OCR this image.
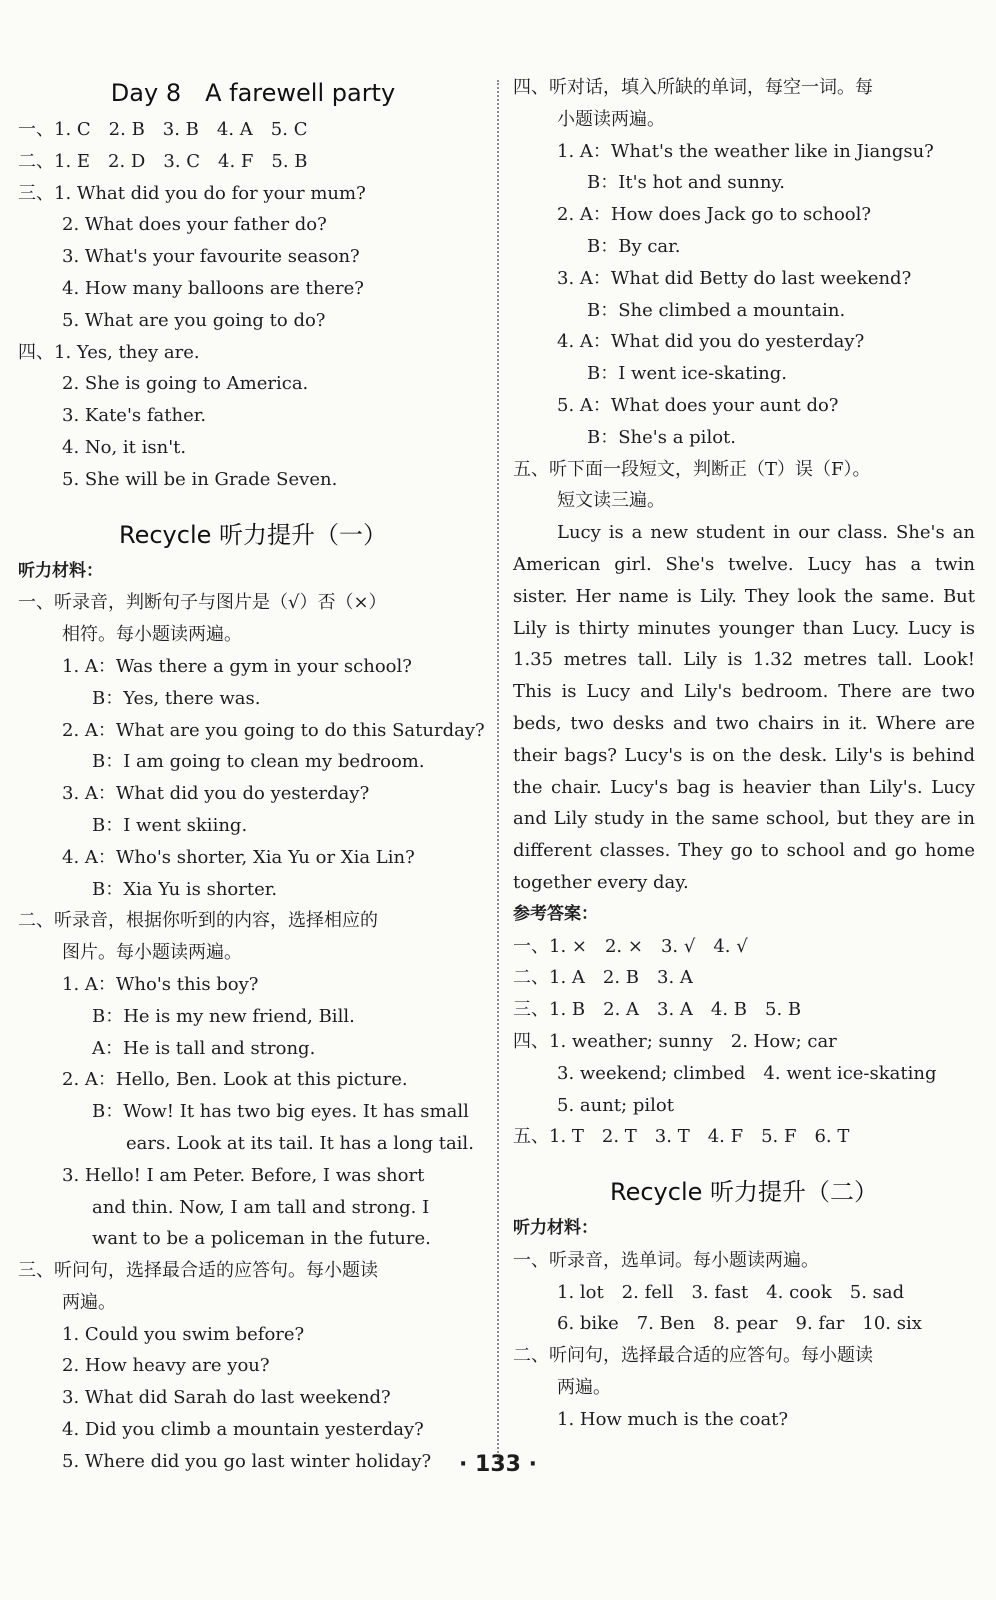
Day 8　A farewell party
一、1. C　2. B　3. B　4. A　5. C
二、1. E　2. D　3. C　4. F　5. B
三、1. What did you do for your mum?
2. What does your father do?
3. What's your favourite season?
4. How many balloons are there?
5. What are you going to do?
四、1. Yes, they are.
2. She is going to America.
3. Kate's father.
4. No, it isn't.
5. She will be in Grade Seven.
Recycle 听力提升（一）
听力材料：
一、听录音，判断句子与图片是（√）否（×）
相符。每小题读两遍。
1. A：Was there a gym in your school?
B：Yes, there was.
2. A：What are you going to do this Saturday?
B：I am going to clean my bedroom.
3. A：What did you do yesterday?
B：I went skiing.
4. A：Who's shorter, Xia Yu or Xia Lin?
B：Xia Yu is shorter.
二、听录音，根据你听到的内容，选择相应的
图片。每小题读两遍。
1. A：Who's this boy?
B：He is my new friend, Bill.
A：He is tall and strong.
2. A：Hello, Ben. Look at this picture.
B：Wow! It has two big eyes. It has small
ears. Look at its tail. It has a long tail.
3. Hello! I am Peter. Before, I was short
and thin. Now, I am tall and strong. I
want to be a policeman in the future.
三、听问句，选择最合适的应答句。每小题读
两遍。
1. Could you swim before?
2. How heavy are you?
3. What did Sarah do last weekend?
4. Did you climb a mountain yesterday?
5. Where did you go last winter holiday?
四、听对话，填入所缺的单词，每空一词。每
小题读两遍。
1. A：What's the weather like in Jiangsu?
B：It's hot and sunny.
2. A：How does Jack go to school?
B：By car.
3. A：What did Betty do last weekend?
B：She climbed a mountain.
4. A：What did you do yesterday?
B：I went ice-skating.
5. A：What does your aunt do?
B：She's a pilot.
五、听下面一段短文，判断正（T）误（F）。
短文读三遍。
Lucy is a new student in our class. She's an American girl. She's twelve. Lucy has a twin sister. Her name is Lily. They look the same. But Lily is thirty minutes younger than Lucy. Lucy is 1.35 metres tall. Lily is 1.32 metres tall. Look! This is Lucy and Lily's bedroom. There are two beds, two desks and two chairs in it. Where are their bags? Lucy's is on the desk. Lily's is behind the chair. Lucy's bag is heavier than Lily's. Lucy and Lily study in the same school, but they are in different classes. They go to school and go home together every day.
参考答案：
一、1. ×　2. ×　3. √　4. √
二、1. A　2. B　3. A
三、1. B　2. A　3. A　4. B　5. B
四、1. weather; sunny　2. How; car
3. weekend; climbed　4. went ice-skating
5. aunt; pilot
五、1. T　2. T　3. T　4. F　5. F　6. T
Recycle 听力提升（二）
听力材料：
一、听录音，选单词。每小题读两遍。
1. lot　2. fell　3. fast　4. cook　5. sad
6. bike　7. Ben　8. pear　9. far　10. six
二、听问句，选择最合适的应答句。每小题读
两遍。
1. How much is the coat?
· 133 ·
